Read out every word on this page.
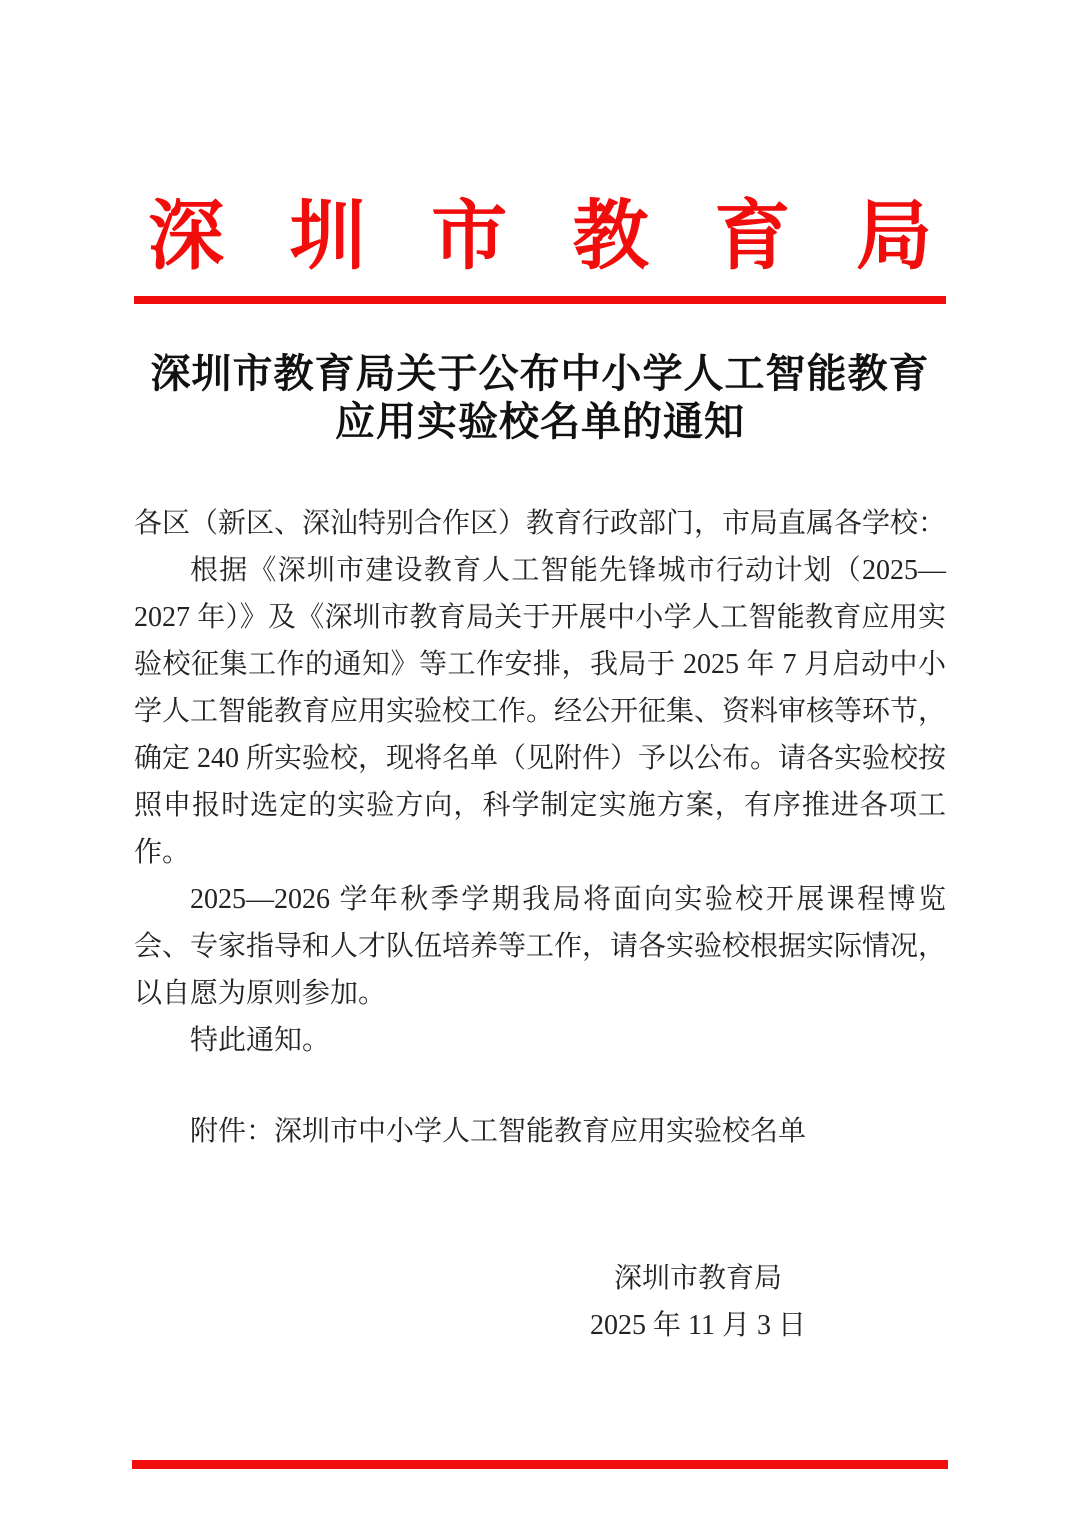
深 圳 市 教 育 局
深圳市教育局关于公布中小学人工智能教育
应用实验校名单的通知

各区（新区、深汕特别合作区）教育行政部门，市局直属各学校：

根据《深圳市建设教育人工智能先锋城市行动计划（2025—2027 年）》及《深圳市教育局关于开展中小学人工智能教育应用实验校征集工作的通知》等工作安排，我局于 2025 年 7 月启动中小学人工智能教育应用实验校工作。经公开征集、资料审核等环节，确定 240 所实验校，现将名单（见附件）予以公布。请各实验校按照申报时选定的实验方向，科学制定实施方案，有序推进各项工作。

2025—2026 学年秋季学期我局将面向实验校开展课程博览会、专家指导和人才队伍培养等工作，请各实验校根据实际情况，以自愿为原则参加。

特此通知。

附件：深圳市中小学人工智能教育应用实验校名单
深圳市教育局
2025 年 11 月 3 日
